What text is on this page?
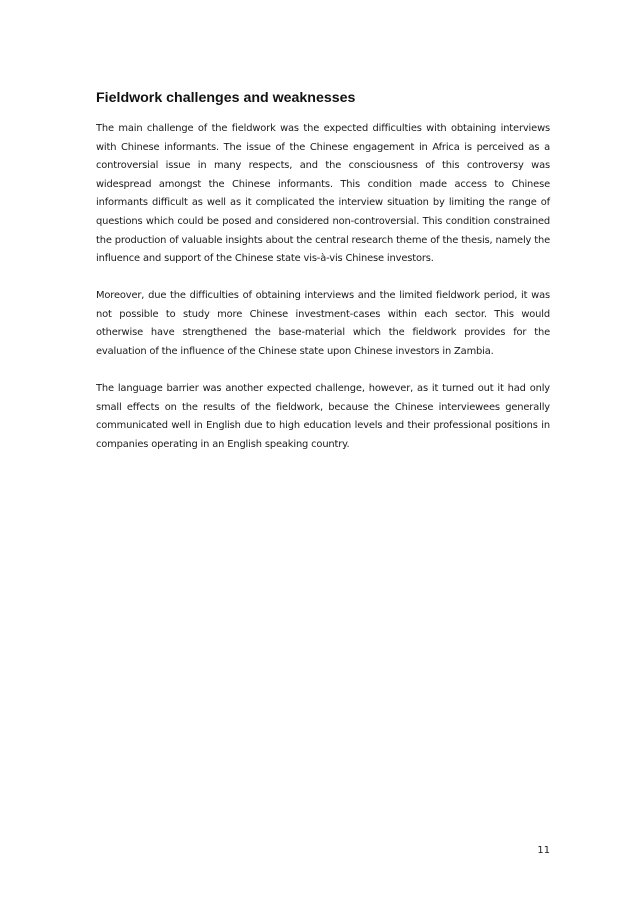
Fieldwork challenges and weaknesses

The main challenge of the fieldwork was the expected difficulties with obtaining interviews with Chinese informants. The issue of the Chinese engagement in Africa is perceived as a controversial issue in many respects, and the consciousness of this controversy was widespread amongst the Chinese informants. This condition made access to Chinese informants difficult as well as it complicated the interview situation by limiting the range of questions which could be posed and considered non-controversial. This condition constrained the production of valuable insights about the central research theme of the thesis, namely the influence and support of the Chinese state vis-à-vis Chinese investors.

Moreover, due the difficulties of obtaining interviews and the limited fieldwork period, it was not possible to study more Chinese investment-cases within each sector. This would otherwise have strengthened the base-material which the fieldwork provides for the evaluation of the influence of the Chinese state upon Chinese investors in Zambia.

The language barrier was another expected challenge, however, as it turned out it had only small effects on the results of the fieldwork, because the Chinese interviewees generally communicated well in English due to high education levels and their professional positions in companies operating in an English speaking country.

11
